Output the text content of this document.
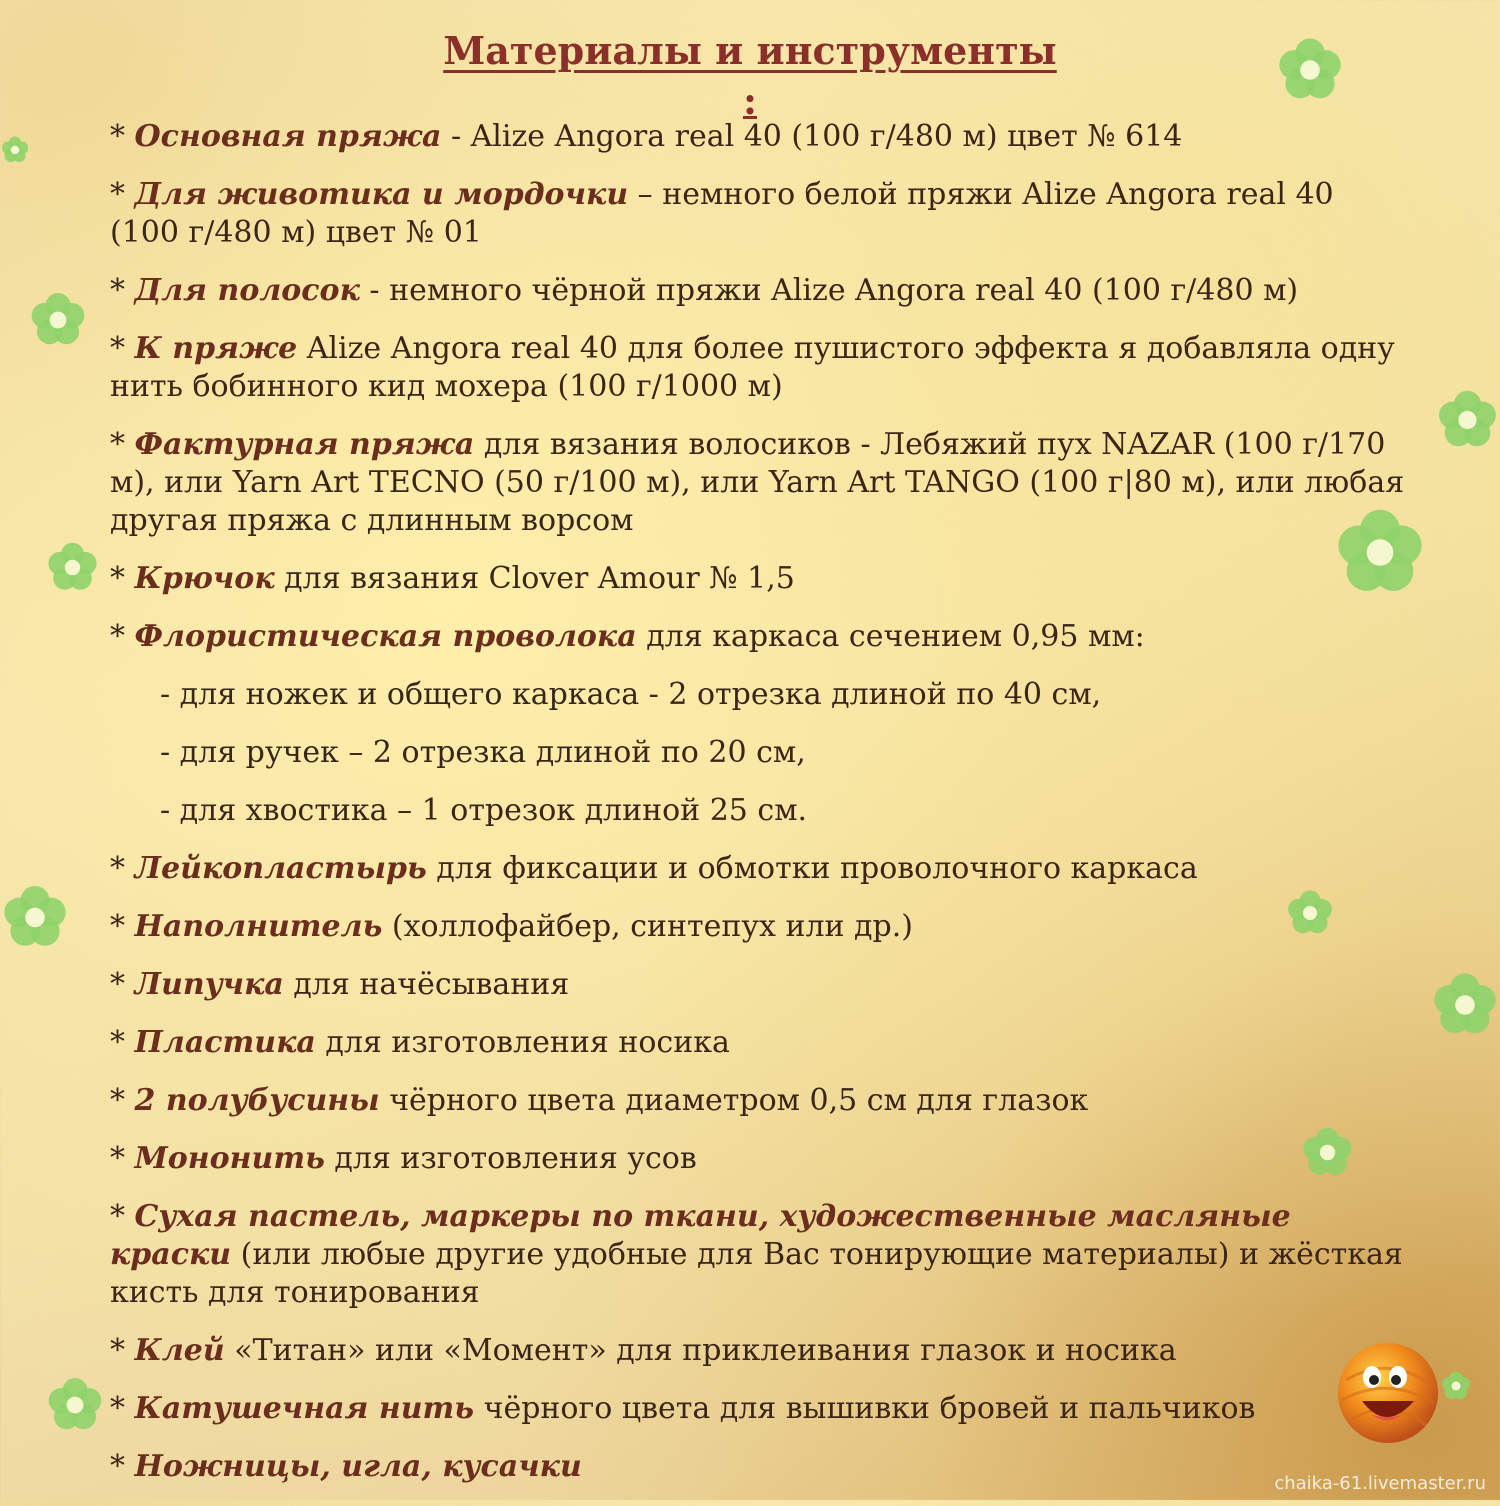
Материалы и инструменты
:
* Основная пряжа - Alize Angora real 40 (100 г/480 м) цвет № 614
* Для животика и мордочки – немного белой пряжи Alize Angora real 40 (100 г/480 м) цвет № 01
* Для полосок - немного чёрной пряжи Alize Angora real 40 (100 г/480 м)
* К пряже Alize Angora real 40 для более пушистого эффекта я добавляла одну нить бобинного кид мохера (100 г/1000 м)
* Фактурная пряжа для вязания волосиков - Лебяжий пух NAZAR (100 г/170 м), или Yarn Art TECNO (50 г/100 м), или Yarn Art TANGO (100 г|80 м), или любая другая пряжа с длинным ворсом
* Крючок для вязания Clover Amour № 1,5
* Флористическая проволока для каркаса сечением 0,95 мм:
- для ножек и общего каркаса - 2 отрезка длиной по 40 см,
- для ручек – 2 отрезка длиной по 20 см,
- для хвостика – 1 отрезок длиной 25 см.
* Лейкопластырь для фиксации и обмотки проволочного каркаса
* Наполнитель (холлофайбер, синтепух или др.)
* Липучка для начёсывания
* Пластика для изготовления носика
* 2 полубусины чёрного цвета диаметром 0,5 см для глазок
* Мононить для изготовления усов
* Сухая пастель, маркеры по ткани, художественные масляные краски (или любые другие удобные для Вас тонирующие материалы) и жёсткая кисть для тонирования
* Клей «Титан» или «Момент» для приклеивания глазок и носика
* Катушечная нить чёрного цвета для вышивки бровей и пальчиков
* Ножницы, игла, кусачки	chaika-61.livemaster.ru
